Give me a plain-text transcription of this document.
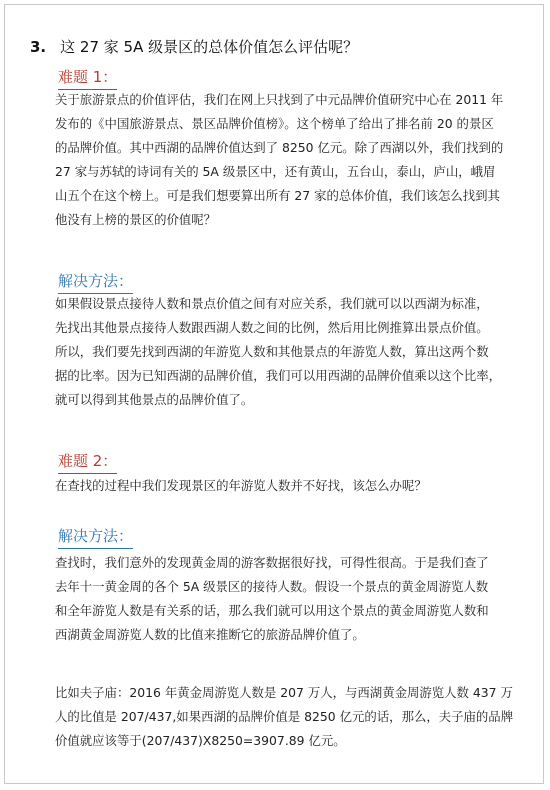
3. 这 27 家 5A 级景区的总体价值怎么评估呢？
难题 1：
关于旅游景点的价值评估，我们在网上只找到了中元品牌价值研究中心在 2011 年
发布的《中国旅游景点、景区品牌价值榜》。这个榜单了给出了排名前 20 的景区
的品牌价值。其中西湖的品牌价值达到了 8250 亿元。除了西湖以外，我们找到的
27 家与苏轼的诗词有关的 5A 级景区中，还有黄山，五台山，泰山，庐山，峨眉
山五个在这个榜上。可是我们想要算出所有 27 家的总体价值，我们该怎么找到其
他没有上榜的景区的价值呢？
解决方法：
如果假设景点接待人数和景点价值之间有对应关系，我们就可以以西湖为标准，
先找出其他景点接待人数跟西湖人数之间的比例，然后用比例推算出景点价值。
所以，我们要先找到西湖的年游览人数和其他景点的年游览人数，算出这两个数
据的比率。因为已知西湖的品牌价值，我们可以用西湖的品牌价值乘以这个比率，
就可以得到其他景点的品牌价值了。
难题 2：
在查找的过程中我们发现景区的年游览人数并不好找，该怎么办呢？
解决方法：
查找时，我们意外的发现黄金周的游客数据很好找，可得性很高。于是我们查了
去年十一黄金周的各个 5A 级景区的接待人数。假设一个景点的黄金周游览人数
和全年游览人数是有关系的话，那么我们就可以用这个景点的黄金周游览人数和
西湖黄金周游览人数的比值来推断它的旅游品牌价值了。
比如夫子庙：2016 年黄金周游览人数是 207 万人，与西湖黄金周游览人数 437 万
人的比值是 207/437,如果西湖的品牌价值是 8250 亿元的话，那么，夫子庙的品牌
价值就应该等于(207/437)X8250=3907.89 亿元。
